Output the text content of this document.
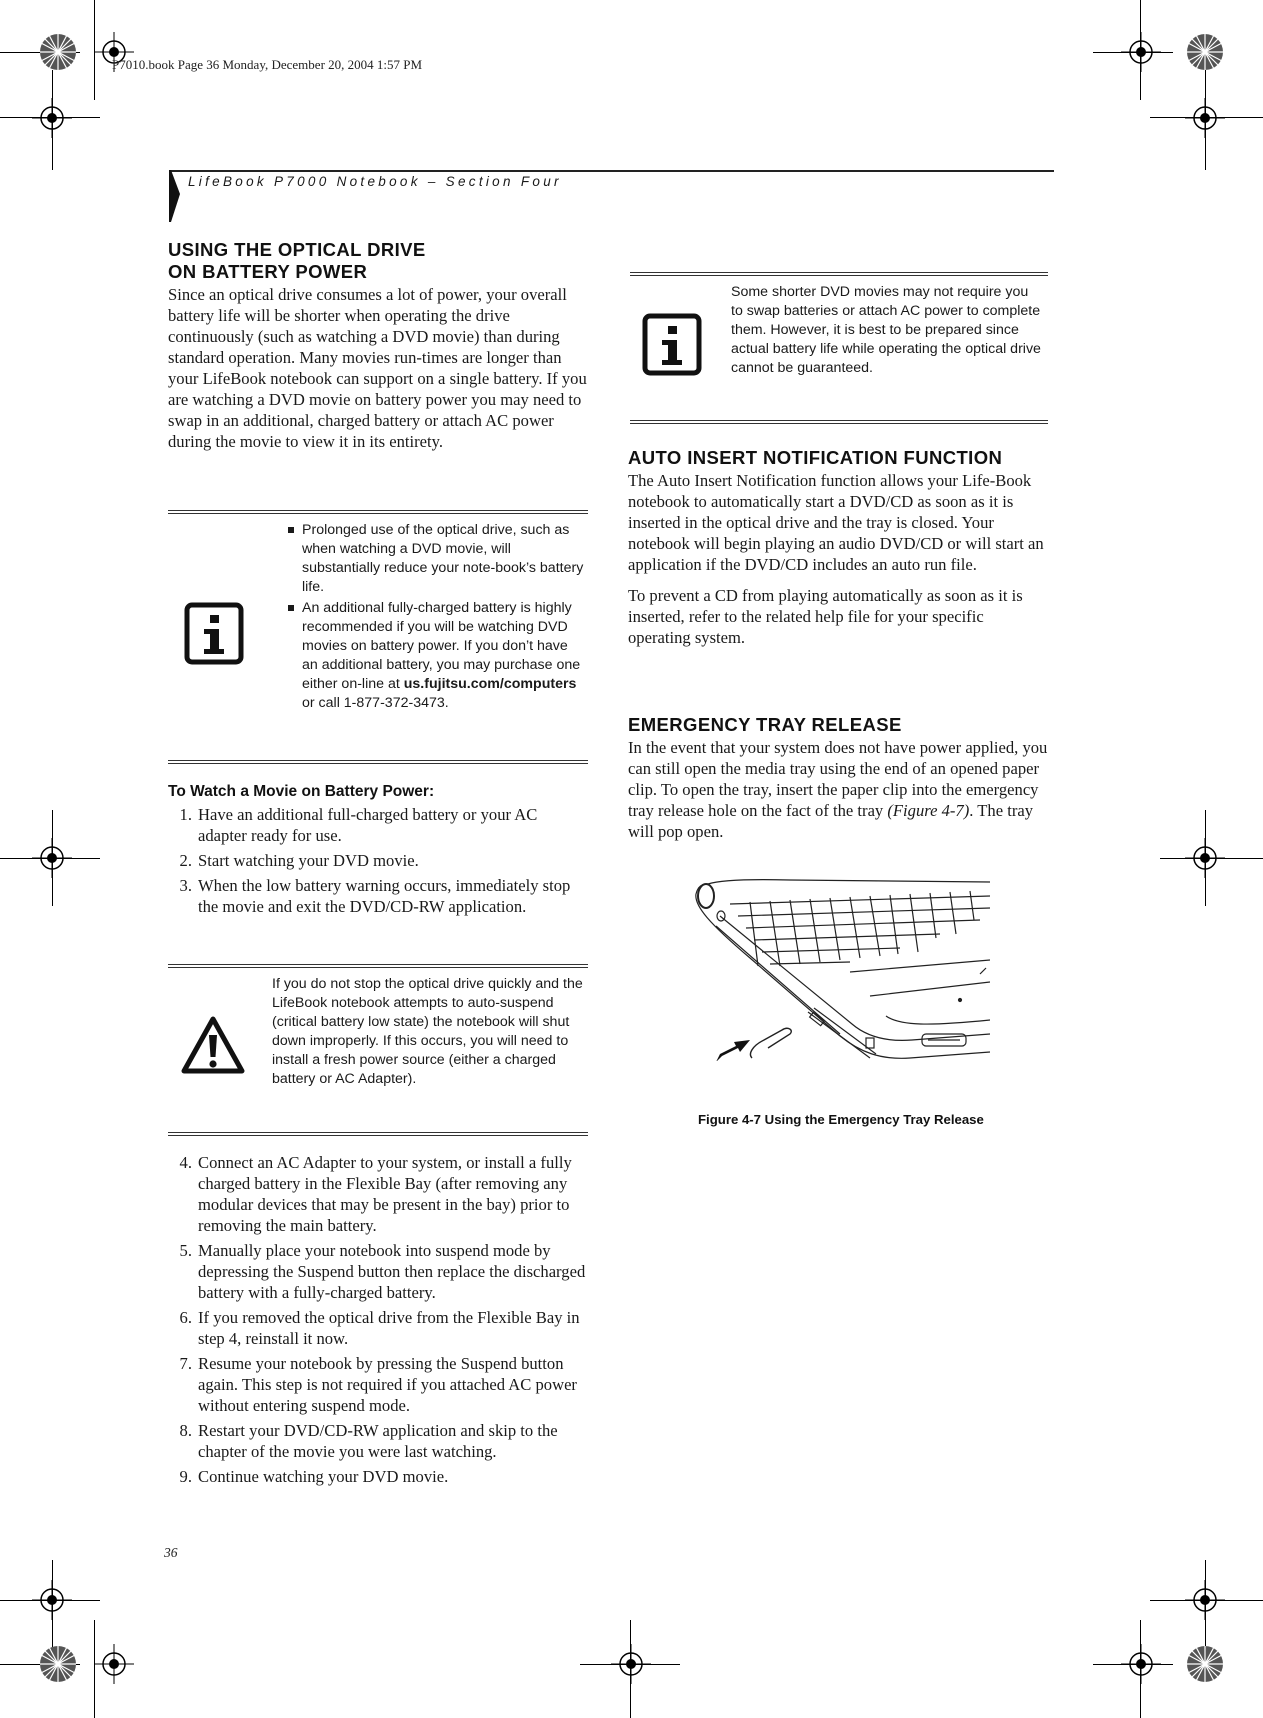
P7010.book Page 36 Monday, December 20, 2004 1:57 PM
LifeBook P7000 Notebook – Section Four
USING THE OPTICAL DRIVE
ON BATTERY POWER

Since an optical drive consumes a lot of power, your overall battery life will be shorter when operating the drive continuously (such as watching a DVD movie) than during standard operation. Many movies run-times are longer than your LifeBook notebook can support on a single battery. If you are watching a DVD movie on battery power you may need to swap in an additional, charged battery or attach AC power during the movie to view it in its entirety.

Prolonged use of the optical drive, such as when watching a DVD movie, will substantially reduce your note-book’s battery life.
An additional fully-charged battery is highly recommended if you will be watching DVD movies on battery power. If you don’t have an additional battery, you may purchase one either on-line at us.fujitsu.com/computers or call 1-877-372-3473.
To Watch a Movie on Battery Power:
1. Have an additional full-charged battery or your AC adapter ready for use.
2. Start watching your DVD movie.
3. When the low battery warning occurs, immediately stop the movie and exit the DVD/CD-RW application.
If you do not stop the optical drive quickly and the LifeBook notebook attempts to auto-suspend (critical battery low state) the notebook will shut down improperly. If this occurs, you will need to install a fresh power source (either a charged battery or AC Adapter).
4. Connect an AC Adapter to your system, or install a fully charged battery in the Flexible Bay (after removing any modular devices that may be present in the bay) prior to removing the main battery.
5. Manually place your notebook into suspend mode by depressing the Suspend button then replace the discharged battery with a fully-charged battery.
6. If you removed the optical drive from the Flexible Bay in step 4, reinstall it now.
7. Resume your notebook by pressing the Suspend button again. This step is not required if you attached AC power without entering suspend mode.
8. Restart your DVD/CD-RW application and skip to the chapter of the movie you were last watching.
9. Continue watching your DVD movie.
Some shorter DVD movies may not require you to swap batteries or attach AC power to complete them. However, it is best to be prepared since actual battery life while operating the optical drive cannot be guaranteed.
AUTO INSERT NOTIFICATION FUNCTION

The Auto Insert Notification function allows your Life-Book notebook to automatically start a DVD/CD as soon as it is inserted in the optical drive and the tray is closed. Your notebook will begin playing an audio DVD/CD or will start an application if the DVD/CD includes an auto run file.

To prevent a CD from playing automatically as soon as it is inserted, refer to the related help file for your specific operating system.

EMERGENCY TRAY RELEASE

In the event that your system does not have power applied, you can still open the media tray using the end of an opened paper clip. To open the tray, insert the paper clip into the emergency tray release hole on the fact of the tray (Figure 4-7). The tray will pop open.

Figure 4-7 Using the Emergency Tray Release
36
